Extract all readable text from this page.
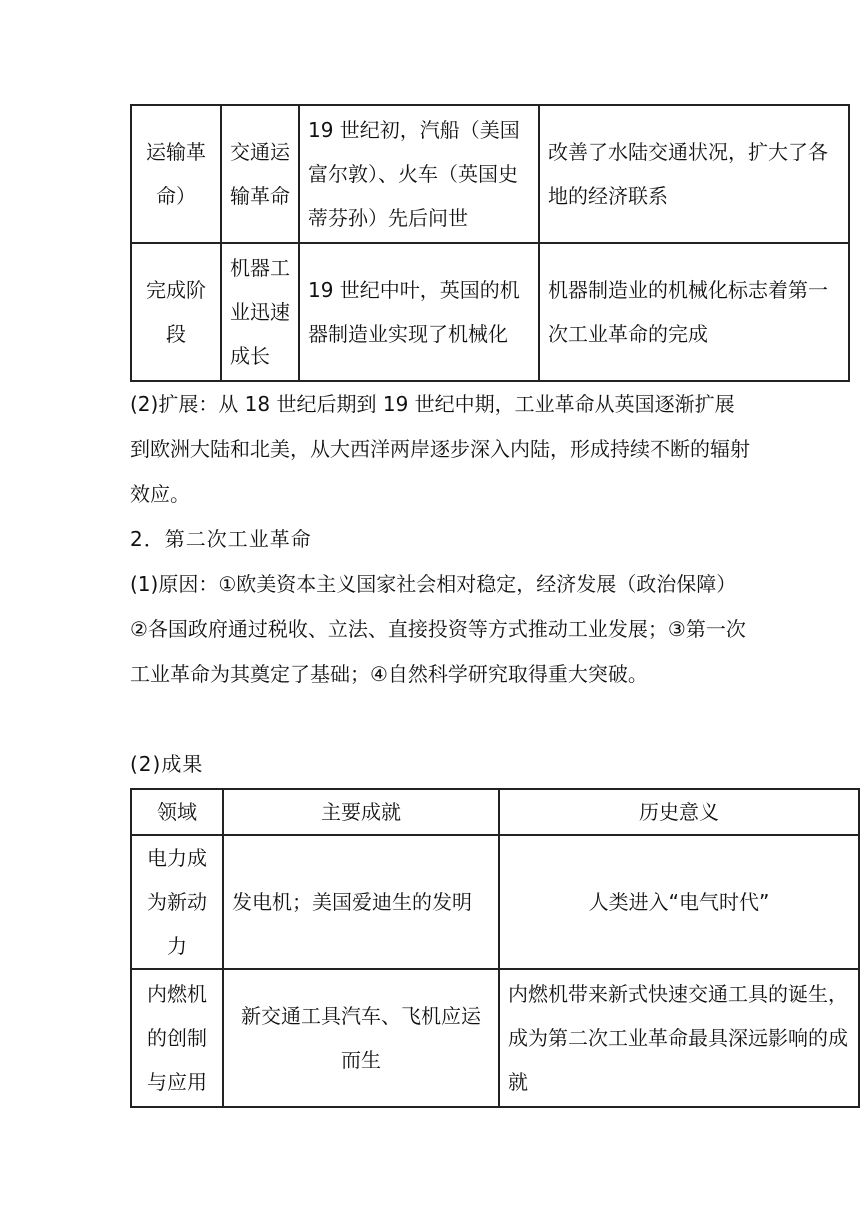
运输革命）	交通运输革命	19 世纪初，汽船（美国富尔敦）、火车（英国史蒂芬孙）先后问世	改善了水陆交通状况，扩大了各地的经济联系
完成阶段	机器工业迅速成长	19 世纪中叶，英国的机器制造业实现了机械化	机器制造业的机械化标志着第一次工业革命的完成

(2)扩展：从 18 世纪后期到 19 世纪中期，工业革命从英国逐渐扩展到欧洲大陆和北美，从大西洋两岸逐步深入内陆，形成持续不断的辐射效应。

2．第二次工业革命

(1)原因：①欧美资本主义国家社会相对稳定，经济发展（政治保障）②各国政府通过税收、立法、直接投资等方式推动工业发展；③第一次工业革命为其奠定了基础；④自然科学研究取得重大突破。

(2)成果

领域	主要成就	历史意义
电力成为新动力	发电机；美国爱迪生的发明	人类进入“电气时代”
内燃机的创制与应用	新交通工具汽车、飞机应运而生	内燃机带来新式快速交通工具的诞生，成为第二次工业革命最具深远影响的成就
